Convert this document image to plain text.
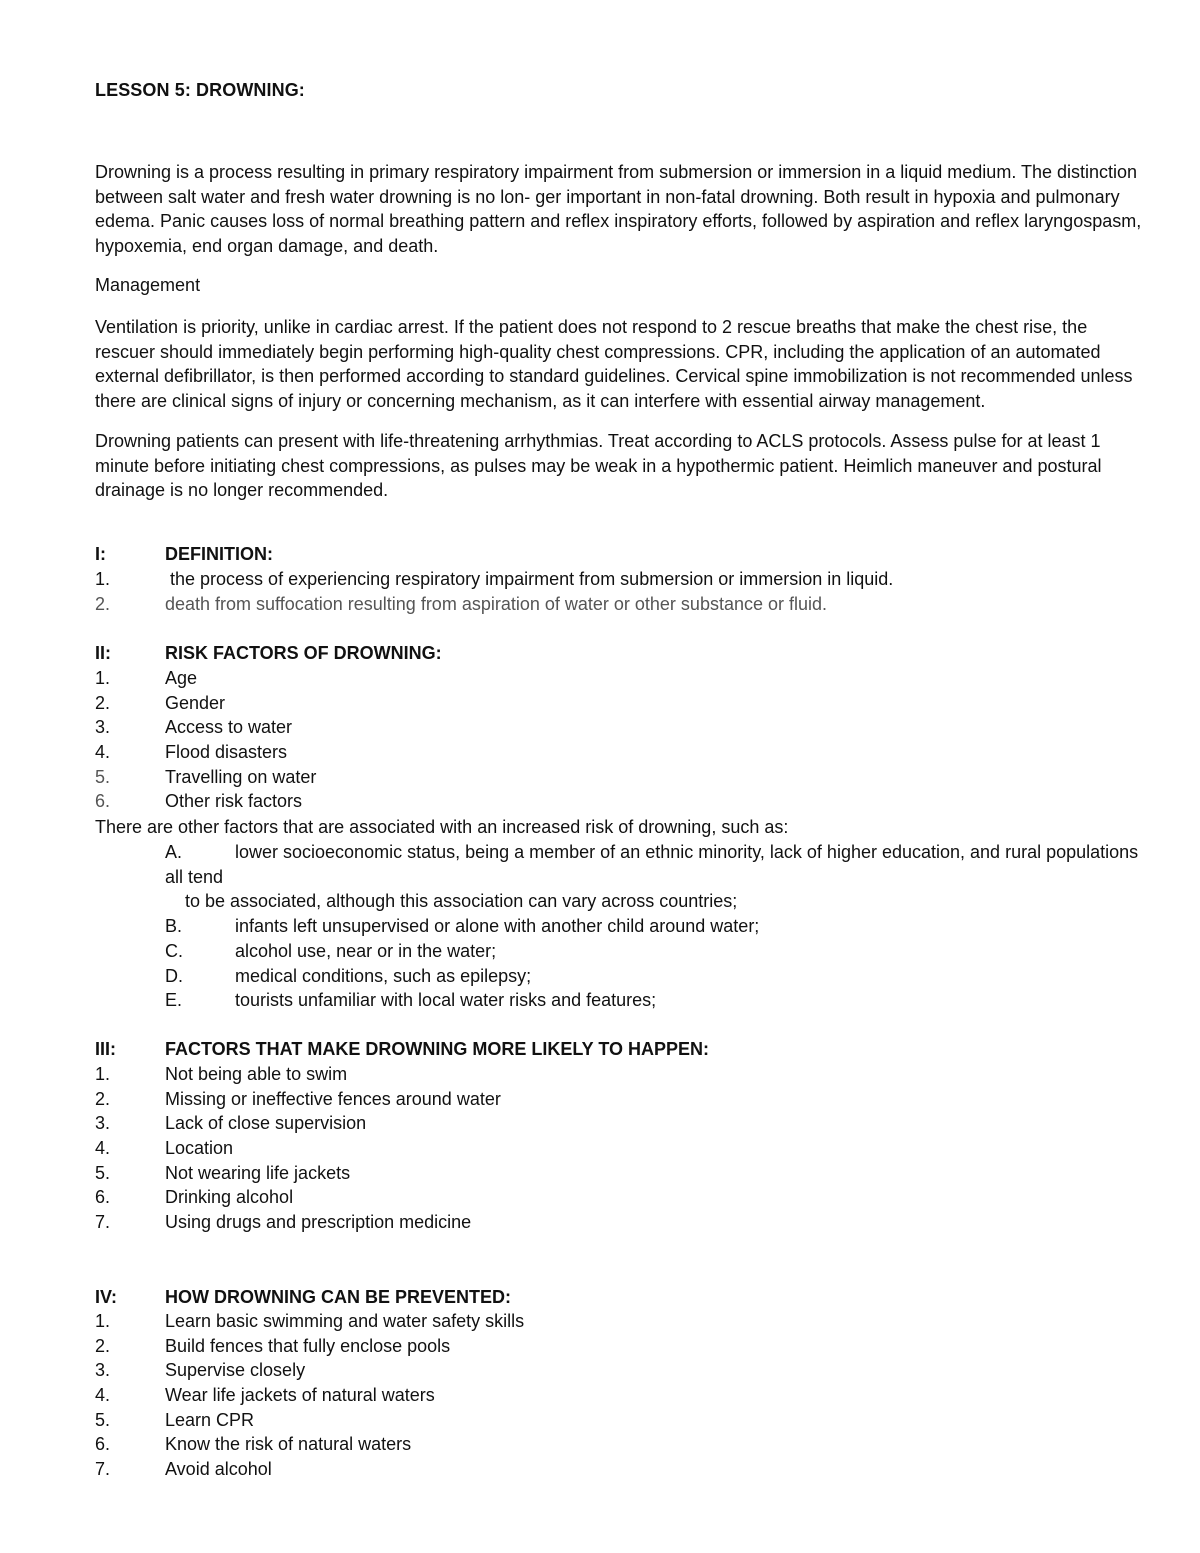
LESSON 5: DROWNING:

Drowning is a process resulting in primary respiratory impairment from submersion or immersion in a liquid medium. The distinction between salt water and fresh water drowning is no lon- ger important in non-fatal drowning. Both result in hypoxia and pulmonary edema. Panic causes loss of normal breathing pattern and reflex inspiratory efforts, followed by aspiration and reflex laryngospasm, hypoxemia, end organ damage, and death.

Management

Ventilation is priority, unlike in cardiac arrest. If the patient does not respond to 2 rescue breaths that make the chest rise, the rescuer should immediately begin performing high-quality chest compressions. CPR, including the application of an automated external defibrillator, is then performed according to standard guidelines. Cervical spine immobilization is not recommended unless there are clinical signs of injury or concerning mechanism, as it can interfere with essential airway management.

Drowning patients can present with life-threatening arrhythmias. Treat according to ACLS protocols. Assess pulse for at least 1 minute before initiating chest compressions, as pulses may be weak in a hypothermic patient. Heimlich maneuver and postural drainage is no longer recommended.

I:	DEFINITION:
1.	the process of experiencing respiratory impairment from submersion or immersion in liquid.
2.	death from suffocation resulting from aspiration of water or other substance or fluid.
II:	RISK FACTORS OF DROWNING:
1.	Age
2.	Gender
3.	Access to water
4.	Flood disasters
5.	Travelling on water
6.	Other risk factors

There are other factors that are associated with an increased risk of drowning, such as:

A.	lower socioeconomic status, being a member of an ethnic minority, lack of higher education, and rural populations all tend
to be associated, although this association can vary across countries;
B.	infants left unsupervised or alone with another child around water;
C.	alcohol use, near or in the water;
D.	medical conditions, such as epilepsy;
E.	tourists unfamiliar with local water risks and features;
III:	FACTORS THAT MAKE DROWNING MORE LIKELY TO HAPPEN:
1.	Not being able to swim
2.	Missing or ineffective fences around water
3.	Lack of close supervision
4.	Location
5.	Not wearing life jackets
6.	Drinking alcohol
7.	Using drugs and prescription medicine
IV:	HOW DROWNING CAN BE PREVENTED:
1.	Learn basic swimming and water safety skills
2.	Build fences that fully enclose pools
3.	Supervise closely
4.	Wear life jackets of natural waters
5.	Learn CPR
6.	Know the risk of natural waters
7.	Avoid alcohol
